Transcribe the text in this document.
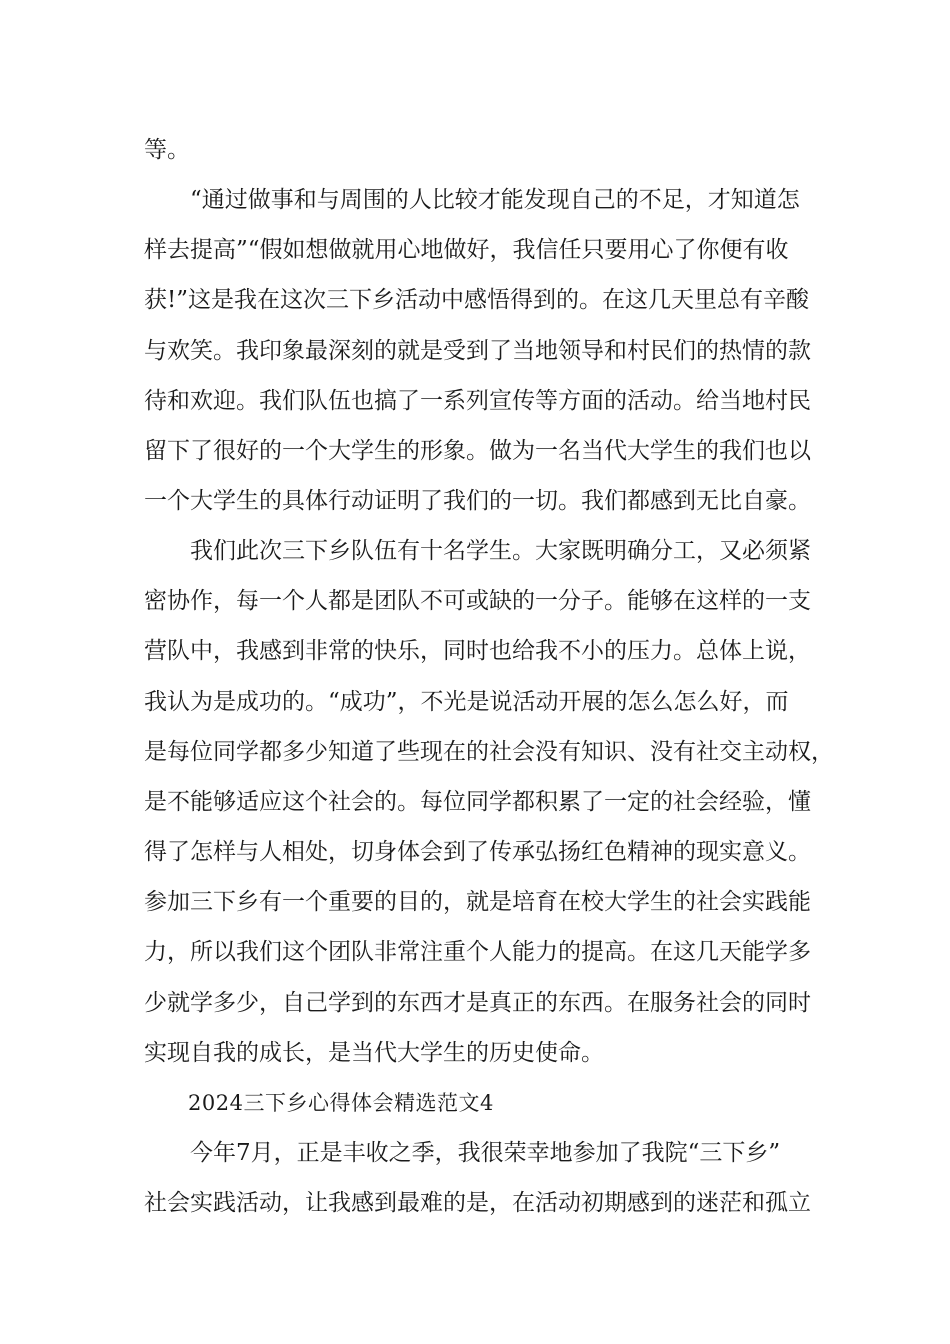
等。
“通过做事和与周围的人比较才能发现自己的不足，才知道怎
样去提高”“假如想做就用心地做好，我信任只要用心了你便有收
获!”这是我在这次三下乡活动中感悟得到的。在这几天里总有辛酸
与欢笑。我印象最深刻的就是受到了当地领导和村民们的热情的款
待和欢迎。我们队伍也搞了一系列宣传等方面的活动。给当地村民
留下了很好的一个大学生的形象。做为一名当代大学生的我们也以
一个大学生的具体行动证明了我们的一切。我们都感到无比自豪。
我们此次三下乡队伍有十名学生。大家既明确分工，又必须紧
密协作，每一个人都是团队不可或缺的一分子。能够在这样的一支
营队中，我感到非常的快乐，同时也给我不小的压力。总体上说，
我认为是成功的。“成功”，不光是说活动开展的怎么怎么好，而
是每位同学都多少知道了些现在的社会没有知识、没有社交主动权，
是不能够适应这个社会的。每位同学都积累了一定的社会经验，懂
得了怎样与人相处，切身体会到了传承弘扬红色精神的现实意义。
参加三下乡有一个重要的目的，就是培育在校大学生的社会实践能
力，所以我们这个团队非常注重个人能力的提高。在这几天能学多
少就学多少，自己学到的东西才是真正的东西。在服务社会的同时
实现自我的成长，是当代大学生的历史使命。
2024三下乡心得体会精选范文4
今年7月，正是丰收之季，我很荣幸地参加了我院“三下乡”
社会实践活动，让我感到最难的是，在活动初期感到的迷茫和孤立
